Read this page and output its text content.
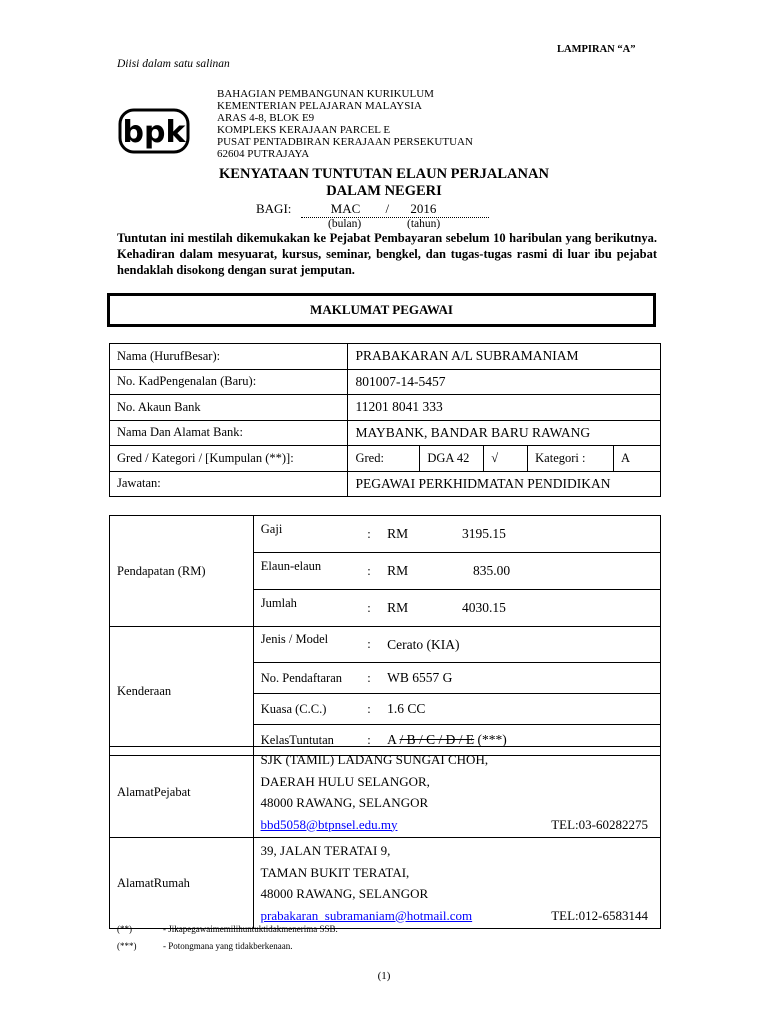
LAMPIRAN “A”
Diisi dalam satu salinan
bpk
BAHAGIAN PEMBANGUNAN KURIKULUM
KEMENTERIAN PELAJARAN MALAYSIA
ARAS 4-8, BLOK E9
KOMPLEKS KERAJAAN PARCEL E
PUSAT PENTADBIRAN KERAJAAN PERSEKUTUAN
62604 PUTRAJAYA
KENYATAAN TUNTUTAN ELAUN PERJALANAN
DALAM NEGERI
BAGI:	MAC / 2016
(bulan)	(tahun)
Tuntutan ini mestilah dikemukakan ke Pejabat Pembayaran sebelum 10 haribulan yang berikutnya. Kehadiran dalam mesyuarat, kursus, seminar, bengkel, dan tugas-tugas rasmi di luar ibu pejabat hendaklah disokong dengan surat jemputan.
MAKLUMAT PEGAWAI
Nama (HurufBesar):	PRABAKARAN A/L SUBRAMANIAM				
No. KadPengenalan (Baru):	801007-14-5457				
No. Akaun Bank	11201 8041 333				
Nama Dan Alamat Bank:	MAYBANK, BANDAR BARU RAWANG				
Gred / Kategori / [Kumpulan (**)]:	Gred:	DGA 42	√	Kategori :	A
Jawatan:	PEGAWAI PERKHIDMATAN PENDIDIKAN				
Pendapatan (RM)	Gaji	:	RM	3195.15
	Elaun-elaun	:	RM	835.00
	Jumlah	:	RM	4030.15
Kenderaan	Jenis / Model	:	Cerato (KIA)	
	No. Pendaftaran	:	WB 6557 G	
	Kuasa (C.C.)	:	1.6 CC	
	KelasTuntutan	:	A / B / C / D / E (***)	
AlamatPejabat	SJK (TAMIL) LADANG SUNGAI CHOH,
DAERAH HULU SELANGOR,
48000 RAWANG, SELANGOR
bbd5058@btpnsel.edu.my TEL:03-60282275

AlamatRumah	39, JALAN TERATAI 9,
TAMAN BUKIT TERATAI,
48000 RAWANG, SELANGOR
prabakaran_subramaniam@hotmail.com TEL:012-6583144
(**)	- Jikapegawaimemilihuntuktidakmenerima SSB.
(***)	- Potongmana yang tidakberkenaan.
(1)
